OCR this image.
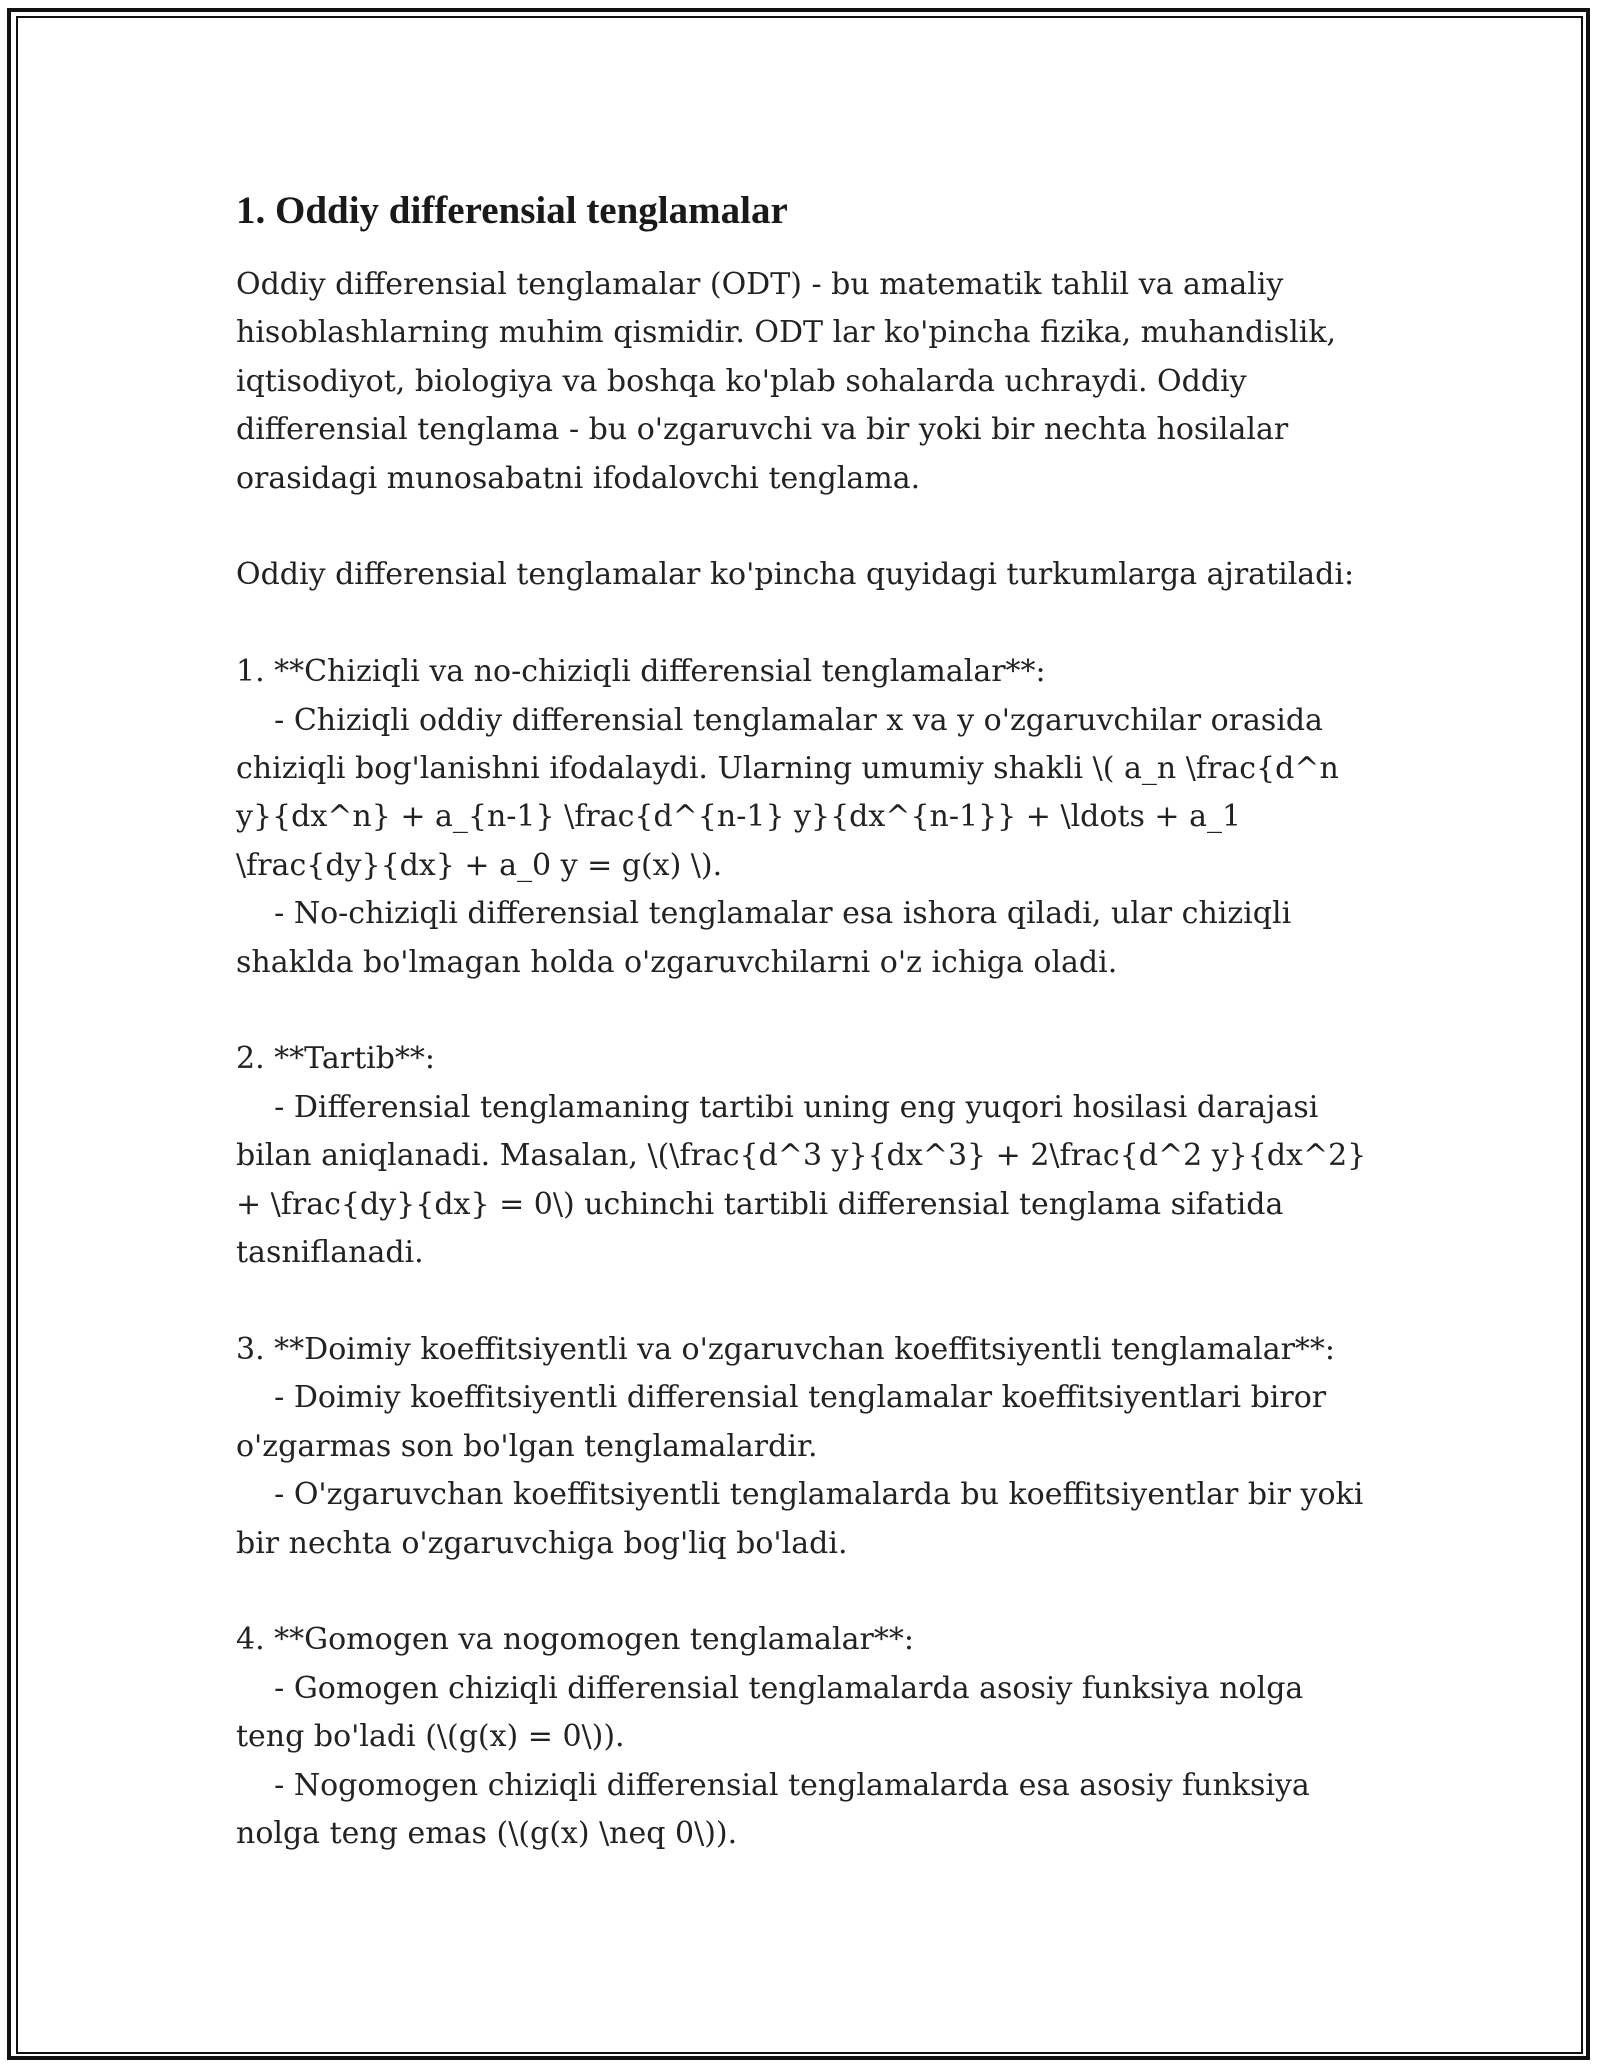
1. Oddiy differensial tenglamalar

Oddiy differensial tenglamalar (ODT) - bu matematik tahlil va amaliy hisoblashlarning muhim qismidir. ODT lar ko'pincha fizika, muhandislik, iqtisodiyot, biologiya va boshqa ko'plab sohalarda uchraydi. Oddiy differensial tenglama - bu o'zgaruvchi va bir yoki bir nechta hosilalar orasidagi munosabatni ifodalovchi tenglama.

Oddiy differensial tenglamalar ko'pincha quyidagi turkumlarga ajratiladi:

1. **Chiziqli va no-chiziqli differensial tenglamalar**:

- Chiziqli oddiy differensial tenglamalar x va y o'zgaruvchilar orasida chiziqli bog'lanishni ifodalaydi. Ularning umumiy shakli \( a_n \frac{d^n y}{dx^n} + a_{n-1} \frac{d^{n-1} y}{dx^{n-1}} + \ldots + a_1 \frac{dy}{dx} + a_0 y = g(x) \).

- No-chiziqli differensial tenglamalar esa ishora qiladi, ular chiziqli shaklda bo'lmagan holda o'zgaruvchilarni o'z ichiga oladi.

2. **Tartib**:

- Differensial tenglamaning tartibi uning eng yuqori hosilasi darajasi bilan aniqlanadi. Masalan, \(\frac{d^3 y}{dx^3} + 2\frac{d^2 y}{dx^2} + \frac{dy}{dx} = 0\) uchinchi tartibli differensial tenglama sifatida tasniflanadi.

3. **Doimiy koeffitsiyentli va o'zgaruvchan koeffitsiyentli tenglamalar**:

- Doimiy koeffitsiyentli differensial tenglamalar koeffitsiyentlari biror o'zgarmas son bo'lgan tenglamalardir.

- O'zgaruvchan koeffitsiyentli tenglamalarda bu koeffitsiyentlar bir yoki bir nechta o'zgaruvchiga bog'liq bo'ladi.

4. **Gomogen va nogomogen tenglamalar**:

- Gomogen chiziqli differensial tenglamalarda asosiy funksiya nolga teng bo'ladi (\(g(x) = 0\)).

- Nogomogen chiziqli differensial tenglamalarda esa asosiy funksiya nolga teng emas (\(g(x) \neq 0\)).
